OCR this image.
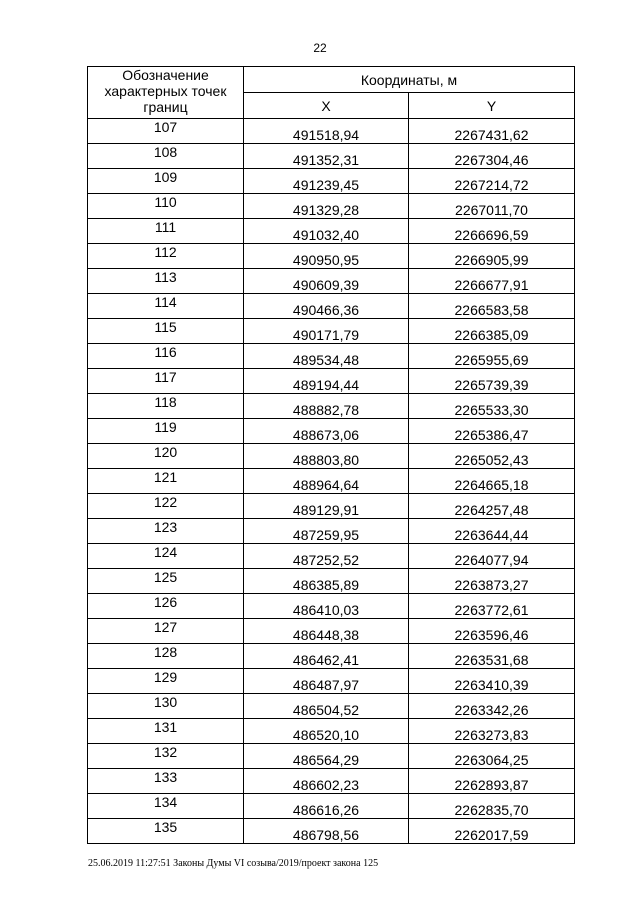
22
Обозначение
характерных точек
границ	Координаты, м	
	X	Y
107	491518,94	2267431,62
108	491352,31	2267304,46
109	491239,45	2267214,72
110	491329,28	2267011,70
111	491032,40	2266696,59
112	490950,95	2266905,99
113	490609,39	2266677,91
114	490466,36	2266583,58
115	490171,79	2266385,09
116	489534,48	2265955,69
117	489194,44	2265739,39
118	488882,78	2265533,30
119	488673,06	2265386,47
120	488803,80	2265052,43
121	488964,64	2264665,18
122	489129,91	2264257,48
123	487259,95	2263644,44
124	487252,52	2264077,94
125	486385,89	2263873,27
126	486410,03	2263772,61
127	486448,38	2263596,46
128	486462,41	2263531,68
129	486487,97	2263410,39
130	486504,52	2263342,26
131	486520,10	2263273,83
132	486564,29	2263064,25
133	486602,23	2262893,87
134	486616,26	2262835,70
135	486798,56	2262017,59
25.06.2019 11:27:51 Законы Думы VI созыва/2019/проект закона 125
